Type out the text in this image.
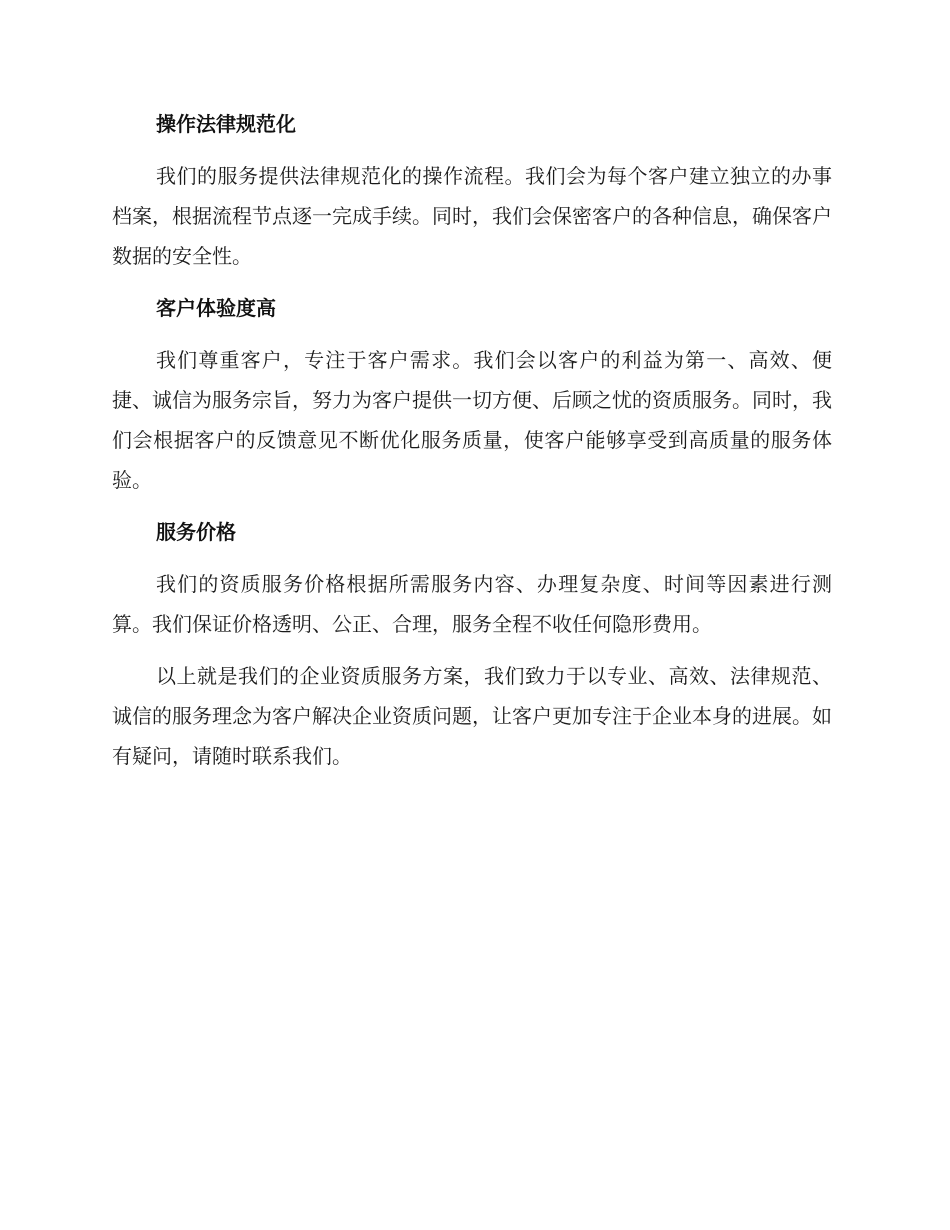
操作法律规范化

我们的服务提供法律规范化的操作流程。我们会为每个客户建立独立的办事档案，根据流程节点逐一完成手续。同时，我们会保密客户的各种信息，确保客户数据的安全性。

客户体验度高

我们尊重客户，专注于客户需求。我们会以客户的利益为第一、高效、便捷、诚信为服务宗旨，努力为客户提供一切方便、后顾之忧的资质服务。同时，我们会根据客户的反馈意见不断优化服务质量，使客户能够享受到高质量的服务体验。

服务价格

我们的资质服务价格根据所需服务内容、办理复杂度、时间等因素进行测算。我们保证价格透明、公正、合理，服务全程不收任何隐形费用。

以上就是我们的企业资质服务方案，我们致力于以专业、高效、法律规范、诚信的服务理念为客户解决企业资质问题，让客户更加专注于企业本身的进展。如有疑问，请随时联系我们。
